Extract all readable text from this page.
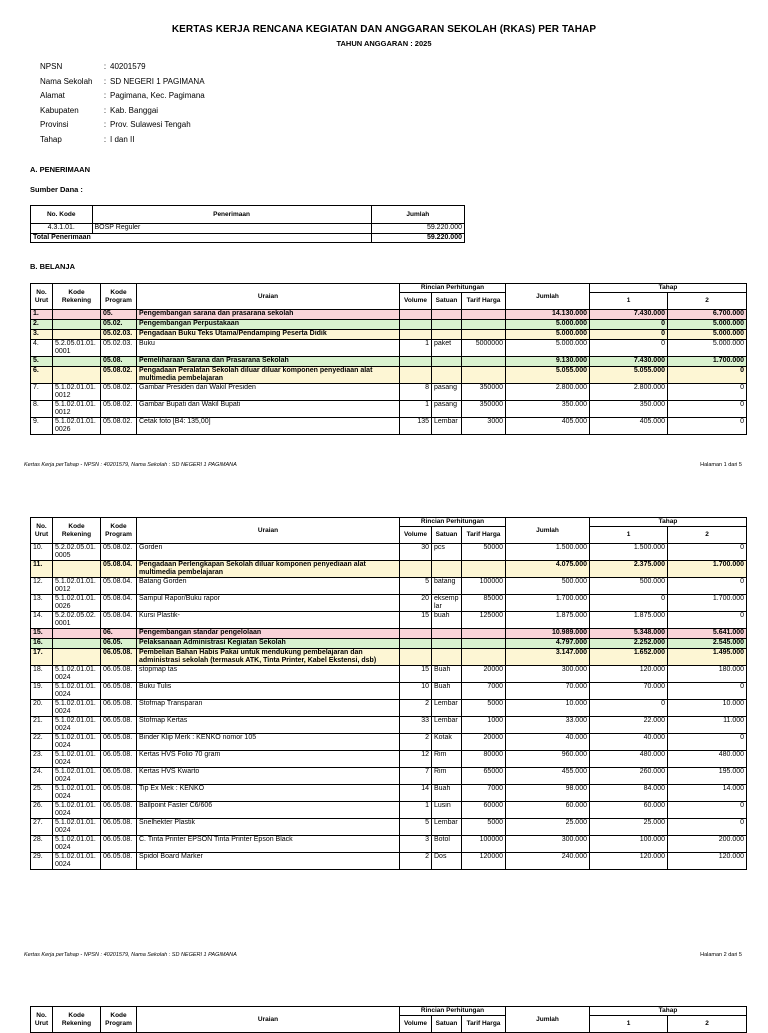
KERTAS KERJA RENCANA KEGIATAN DAN ANGGARAN SEKOLAH (RKAS) PER TAHAP
TAHUN ANGGARAN : 2025
NPSN	: 40201579
Nama Sekolah	: SD NEGERI 1 PAGIMANA
Alamat	: Pagimana, Kec. Pagimana
Kabupaten	: Kab. Banggai
Provinsi	: Prov. Sulawesi Tengah
Tahap	: I dan II
A. PENERIMAAN
Sumber Dana :
No. Kode	Penerimaan	Jumlah
4.3.1.01.	BOSP Reguler	59.220.000
Total Penerimaan		59.220.000
B. BELANJA
No. Urut	Kode Rekening	Kode Program	Uraian	Rincian Perhitungan			Jumlah	Tahap	
				Volume	Satuan	Tarif Harga		1	2
1.		05.	Pengembangan sarana dan prasarana sekolah				14.130.000	7.430.000	6.700.000
2.		05.02.	Pengembangan Perpustakaan				5.000.000	0	5.000.000
3.		05.02.03.	Pengadaan Buku Teks Utama/Pendamping Peserta Didik				5.000.000	0	5.000.000
4.	5.2.05.01.01.0001	05.02.03.	Buku	1	paket	5000000	5.000.000	0	5.000.000
5.		05.08.	Pemeliharaan Sarana dan Prasarana Sekolah				9.130.000	7.430.000	1.700.000
6.		05.08.02.	Pengadaan Peralatan Sekolah diluar diluar komponen penyediaan alat multimedia pembelajaran				5.055.000	5.055.000	0
7.	5.1.02.01.01.0012	05.08.02.	Gambar Presiden dan Wakil Presiden	8	pasang	350000	2.800.000	2.800.000	0
8.	5.1.02.01.01.0012	05.08.02.	Gambar Bupati dan Wakil Bupati	1	pasang	350000	350.000	350.000	0
9.	5.1.02.01.01.0026	05.08.02.	Cetak foto [B4: 135,00]	135	Lembar	3000	405.000	405.000	0
Kertas Kerja perTahap - NPSN : 40201579, Nama Sekolah : SD NEGERI 1 PAGIMANA	Halaman 1 dari 5
No. Urut	Kode Rekening	Kode Program	Uraian	Rincian Perhitungan			Jumlah	Tahap	
				Volume	Satuan	Tarif Harga		1	2
10.	5.2.02.05.01.0005	05.08.02.	Gorden	30	pcs	50000	1.500.000	1.500.000	0
11.		05.08.04.	Pengadaan Perlengkapan Sekolah diluar komponen penyediaan alat multimedia pembelajaran				4.075.000	2.375.000	1.700.000
12.	5.1.02.01.01.0012	05.08.04.	Batang Gorden	5	batang	100000	500.000	500.000	0
13.	5.1.02.01.01.0026	05.08.04.	Sampul Rapor/Buku rapor	20	eksemplar	85000	1.700.000	0	1.700.000
14.	5.2.02.05.02.0001	05.08.04.	Kursi Plastik-	15	buah	125000	1.875.000	1.875.000	0
15.		06.	Pengembangan standar pengelolaan				10.989.000	5.348.000	5.641.000
16.		06.05.	Pelaksanaan Administrasi Kegiatan Sekolah				4.797.000	2.252.000	2.545.000
17.		06.05.08.	Pembelian Bahan Habis Pakai untuk mendukung pembelajaran dan administrasi sekolah (termasuk ATK, Tinta Printer, Kabel Ekstensi, dsb)				3.147.000	1.652.000	1.495.000
18.	5.1.02.01.01.0024	06.05.08.	stopmap tas	15	Buah	20000	300.000	120.000	180.000
19.	5.1.02.01.01.0024	06.05.08.	Buku Tulis	10	Buah	7000	70.000	70.000	0
20.	5.1.02.01.01.0024	06.05.08.	Stofmap Transparan	2	Lembar	5000	10.000	0	10.000
21.	5.1.02.01.01.0024	06.05.08.	Stofmap Kertas	33	Lembar	1000	33.000	22.000	11.000
22.	5.1.02.01.01.0024	06.05.08.	Binder Klip Merk : KENKO nomor 105	2	Kotak	20000	40.000	40.000	0
23.	5.1.02.01.01.0024	06.05.08.	Kertas HVS Folio 70 gram	12	Rim	80000	960.000	480.000	480.000
24.	5.1.02.01.01.0024	06.05.08.	Kertas HVS Kwarto	7	Rim	65000	455.000	260.000	195.000
25.	5.1.02.01.01.0024	06.05.08.	Tip Ex Mek : KENKO	14	Buah	7000	98.000	84.000	14.000
26.	5.1.02.01.01.0024	06.05.08.	Ballpoint Faster C6/606	1	Lusin	60000	60.000	60.000	0
27.	5.1.02.01.01.0024	06.05.08.	Snelhekter Plastik	5	Lembar	5000	25.000	25.000	0
28.	5.1.02.01.01.0024	06.05.08.	C. Tinta Printer EPSON Tinta Printer Epson Black	3	Botol	100000	300.000	100.000	200.000
29.	5.1.02.01.01.0024	06.05.08.	Spidol Board Marker	2	Dos	120000	240.000	120.000	120.000
Kertas Kerja perTahap - NPSN : 40201579, Nama Sekolah : SD NEGERI 1 PAGIMANA	Halaman 2 dari 5
No. Urut	Kode Rekening	Kode Program	Uraian	Rincian Perhitungan			Jumlah	Tahap	
				Volume	Satuan	Tarif Harga		1	2
